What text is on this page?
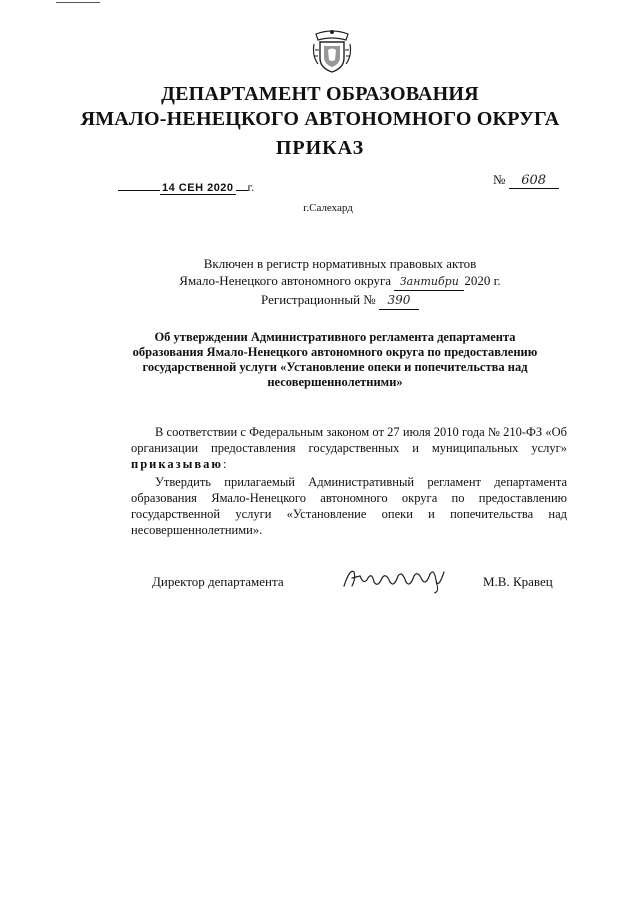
ДЕПАРТАМЕНТ ОБРАЗОВАНИЯ
ЯМАЛО-НЕНЕЦКОГО АВТОНОМНОГО ОКРУГА
ПРИКАЗ
14 СЕН 2020 г.	№ 608
г.Салехард
Включен в регистр нормативных правовых актов
Ямало-Ненецкого автономного округа Зантибри 2020 г.
Регистрационный № 390
Об утверждении Административного регламента департамента образования Ямало-Ненецкого автономного округа по предоставлению государственной услуги «Установление опеки и попечительства над несовершеннолетними»
В соответствии с Федеральным законом от 27 июля 2010 года № 210-ФЗ «Об организации предоставления государственных и муниципальных услуг» приказываю:
Утвердить прилагаемый Административный регламент департамента образования Ямало-Ненецкого автономного округа по предоставлению государственной услуги «Установление опеки и попечительства над несовершеннолетними».
Директор департамента	М.В. Кравец
